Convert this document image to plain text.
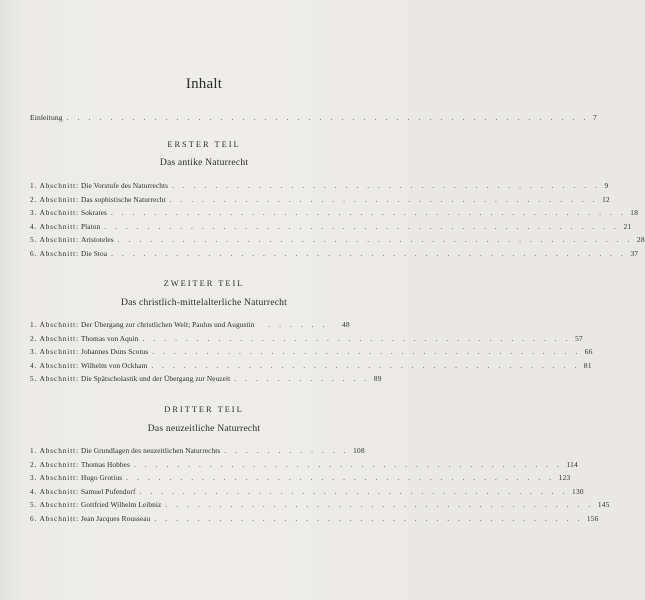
Inhalt
Einleitung . . . . . . . . . . . . . . . . . . . . . . . . . . . . . . . . . . . . . . . . . . . . . . . . 7
ERSTER TEIL
Das antike Naturrecht
1. Abschnitt: Die Vorstufe des Naturrechts . . . . . . . . . . . . . . . . . . . . . . . . . . . . . . . . . . . . . . . . 9
2. Abschnitt: Das sophistische Naturrecht . . . . . . . . . . . . . . . . . . . . . . . . . . . . . . . . . . . . . . . . 12
3. Abschnitt: Sokrates . . . . . . . . . . . . . . . . . . . . . . . . . . . . . . . . . . . . . . . . . . . . . . . . 18
4. Abschnitt: Platon . . . . . . . . . . . . . . . . . . . . . . . . . . . . . . . . . . . . . . . . . . . . . . . . 21
5. Abschnitt: Aristoteles . . . . . . . . . . . . . . . . . . . . . . . . . . . . . . . . . . . . . . . . . . . . . . . . 28
6. Abschnitt: Die Stoa . . . . . . . . . . . . . . . . . . . . . . . . . . . . . . . . . . . . . . . . . . . . . . . . 37
ZWEITER TEIL
Das christlich-mittelalterliche Naturrecht
1. Abschnitt: Der Übergang zur christlichen Welt; Paulus und Augustin	. . . . . .	48
2. Abschnitt: Thomas von Aquin . . . . . . . . . . . . . . . . . . . . . . . . . . . . . . . . . . . . . . . . 57
3. Abschnitt: Johannes Duns Scotus . . . . . . . . . . . . . . . . . . . . . . . . . . . . . . . . . . . . . . . . 66
4. Abschnitt: Wilhelm von Ockham . . . . . . . . . . . . . . . . . . . . . . . . . . . . . . . . . . . . . . . . 81
5. Abschnitt: Die Spätscholastik und der Übergang zur Neuzeit . . . . . . . . . . . . . 89
DRITTER TEIL
Das neuzeitliche Naturrecht
1. Abschnitt: Die Grundlagen des neuzeitlichen Naturrechts . . . . . . . . . . . . 108
2. Abschnitt: Thomas Hobbes . . . . . . . . . . . . . . . . . . . . . . . . . . . . . . . . . . . . . . . . 114
3. Abschnitt: Hugo Grotius . . . . . . . . . . . . . . . . . . . . . . . . . . . . . . . . . . . . . . . . 123
4. Abschnitt: Samuel Pufendorf . . . . . . . . . . . . . . . . . . . . . . . . . . . . . . . . . . . . . . . . 130
5. Abschnitt: Gottfried Wilhelm Leibniz . . . . . . . . . . . . . . . . . . . . . . . . . . . . . . . . . . . . . . . . 145
6. Abschnitt: Jean Jacques Rousseau . . . . . . . . . . . . . . . . . . . . . . . . . . . . . . . . . . . . . . . . 156
